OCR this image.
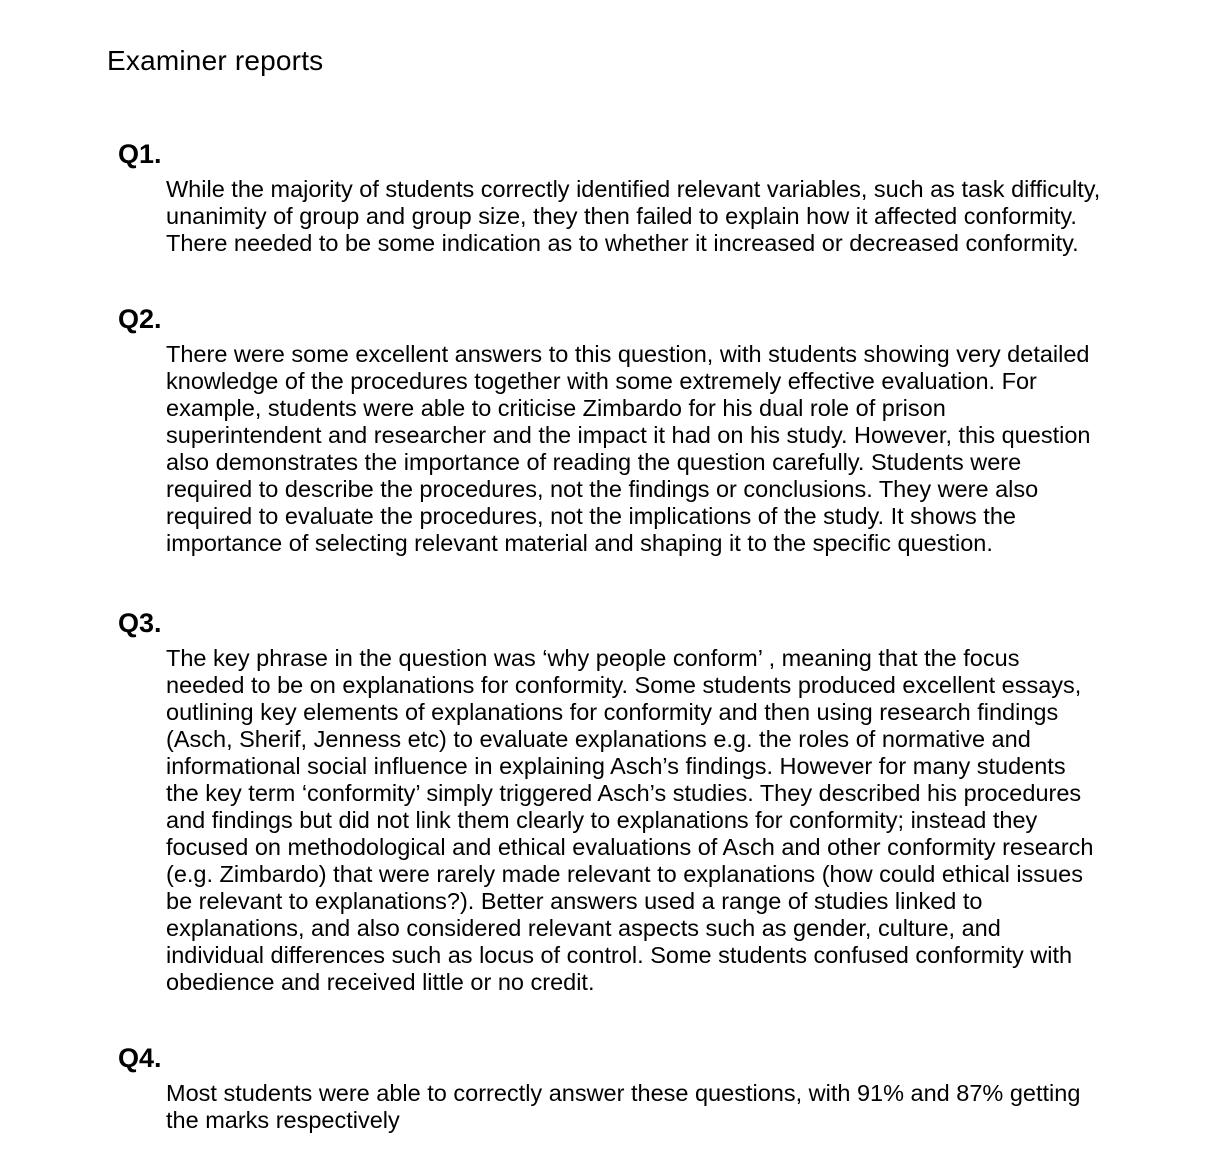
Examiner reports
Q1.
While the majority of students correctly identified relevant variables, such as task difficulty,
unanimity of group and group size, they then failed to explain how it affected conformity.
There needed to be some indication as to whether it increased or decreased conformity.
Q2.
There were some excellent answers to this question, with students showing very detailed
knowledge of the procedures together with some extremely effective evaluation. For
example, students were able to criticise Zimbardo for his dual role of prison
superintendent and researcher and the impact it had on his study. However, this question
also demonstrates the importance of reading the question carefully. Students were
required to describe the procedures, not the findings or conclusions. They were also
required to evaluate the procedures, not the implications of the study. It shows the
importance of selecting relevant material and shaping it to the specific question.
Q3.
The key phrase in the question was ‘why people conform’ , meaning that the focus
needed to be on explanations for conformity. Some students produced excellent essays,
outlining key elements of explanations for conformity and then using research findings
(Asch, Sherif, Jenness etc) to evaluate explanations e.g. the roles of normative and
informational social influence in explaining Asch’s findings. However for many students
the key term ‘conformity’ simply triggered Asch’s studies. They described his procedures
and findings but did not link them clearly to explanations for conformity; instead they
focused on methodological and ethical evaluations of Asch and other conformity research
(e.g. Zimbardo) that were rarely made relevant to explanations (how could ethical issues
be relevant to explanations?). Better answers used a range of studies linked to
explanations, and also considered relevant aspects such as gender, culture, and
individual differences such as locus of control. Some students confused conformity with
obedience and received little or no credit.
Q4.
Most students were able to correctly answer these questions, with 91% and 87% getting
the marks respectively
